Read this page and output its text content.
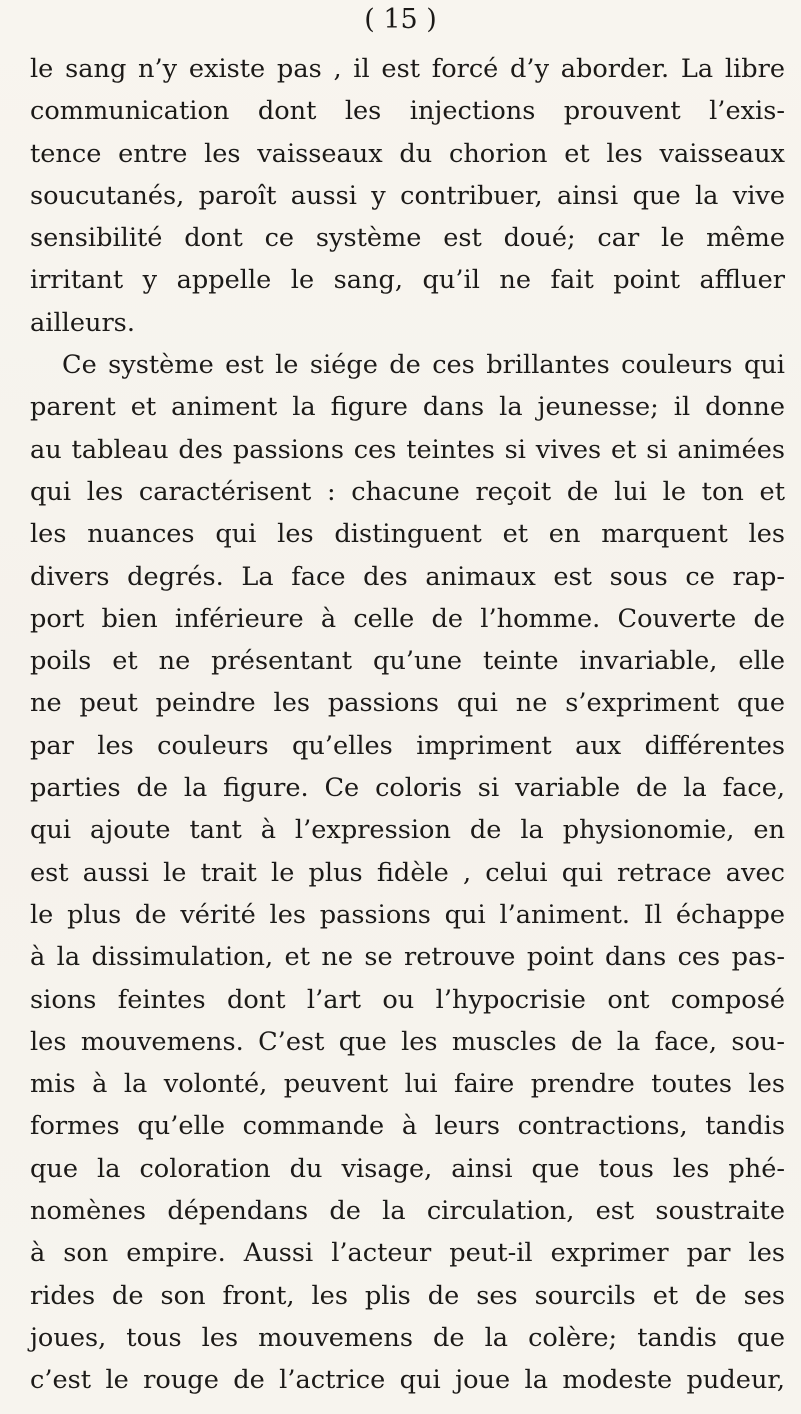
( 15 )
le sang n’y existe pas , il est forcé d’y aborder. La libre
communication dont les injections prouvent l’exis-
tence entre les vaisseaux du chorion et les vaisseaux
soucutanés, paroît aussi y contribuer, ainsi que la vive
sensibilité dont ce système est doué; car le même
irritant y appelle le sang, qu’il ne fait point affluer
ailleurs.
Ce système est le siége de ces brillantes couleurs qui
parent et animent la figure dans la jeunesse; il donne
au tableau des passions ces teintes si vives et si animées
qui les caractérisent : chacune reçoit de lui le ton et
les nuances qui les distinguent et en marquent les
divers degrés. La face des animaux est sous ce rap-
port bien inférieure à celle de l’homme. Couverte de
poils et ne présentant qu’une teinte invariable, elle
ne peut peindre les passions qui ne s’expriment que
par les couleurs qu’elles impriment aux différentes
parties de la figure. Ce coloris si variable de la face,
qui ajoute tant à l’expression de la physionomie, en
est aussi le trait le plus fidèle , celui qui retrace avec
le plus de vérité les passions qui l’animent. Il échappe
à la dissimulation, et ne se retrouve point dans ces pas-
sions feintes dont l’art ou l’hypocrisie ont composé
les mouvemens. C’est que les muscles de la face, sou-
mis à la volonté, peuvent lui faire prendre toutes les
formes qu’elle commande à leurs contractions, tandis
que la coloration du visage, ainsi que tous les phé-
nomènes dépendans de la circulation, est soustraite
à son empire. Aussi l’acteur peut-il exprimer par les
rides de son front, les plis de ses sourcils et de ses
joues, tous les mouvemens de la colère; tandis que
c’est le rouge de l’actrice qui joue la modeste pudeur,
